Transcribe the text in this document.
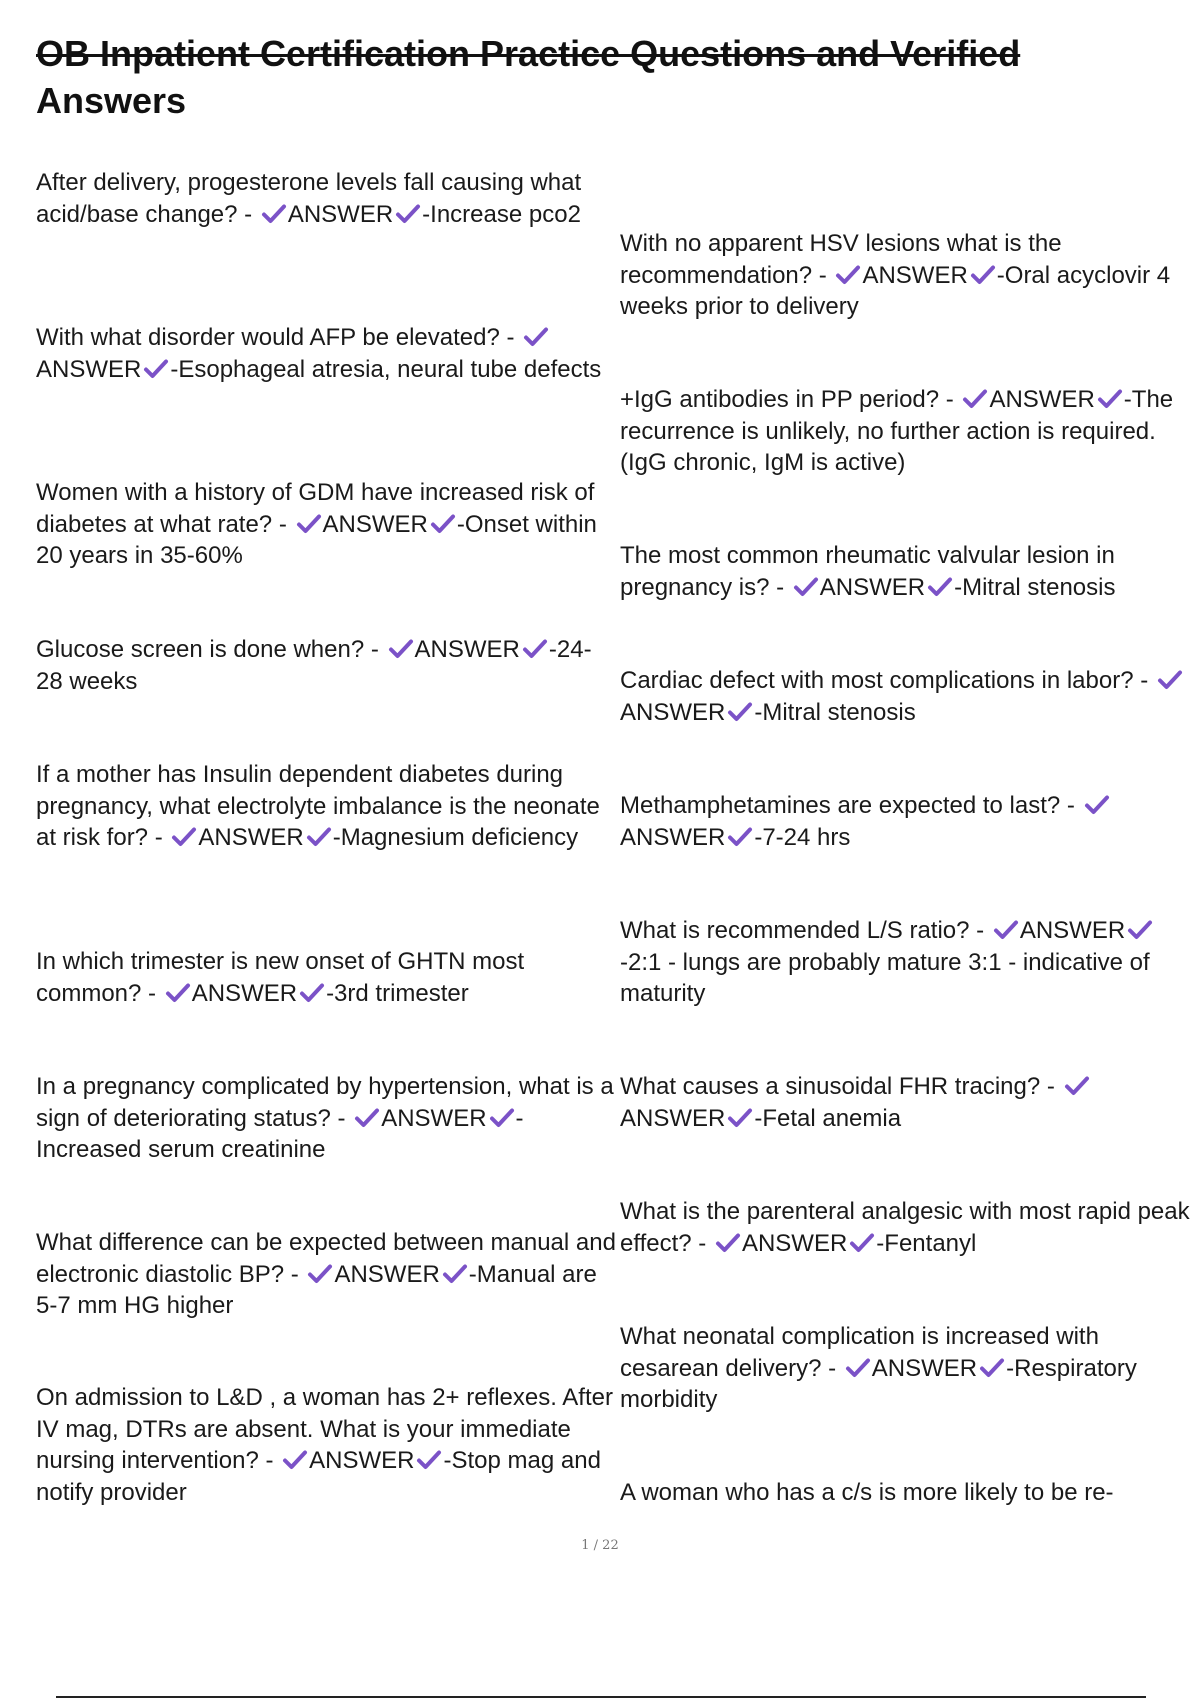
OB Inpatient Certification Practice Questions and Verified
Answers

After delivery, progesterone levels fall causing what acid/base change? - ANSWER -Increase pco2

With what disorder would AFP be elevated? -
ANSWER -Esophageal atresia, neural tube defects

Women with a history of GDM have increased risk of diabetes at what rate? - ANSWER -Onset within 20 years in 35-60%

Glucose screen is done when? - ANSWER -24-28 weeks

If a mother has Insulin dependent diabetes during pregnancy, what electrolyte imbalance is the neonate at risk for? - ANSWER -Magnesium deficiency

In which trimester is new onset of GHTN most common? - ANSWER -3rd trimester

In a pregnancy complicated by hypertension, what is a sign of deteriorating status? - ANSWER -Increased serum creatinine

What difference can be expected between manual and electronic diastolic BP? - ANSWER -Manual are 5-7 mm HG higher

On admission to L&D , a woman has 2+ reflexes. After IV mag, DTRs are absent. What is your immediate nursing intervention? - ANSWER -Stop mag and notify provider

With no apparent HSV lesions what is the recommendation? - ANSWER -Oral acyclovir 4 weeks prior to delivery

+IgG antibodies in PP period? - ANSWER -The recurrence is unlikely, no further action is required. (IgG chronic, IgM is active)

The most common rheumatic valvular lesion in pregnancy is? - ANSWER -Mitral stenosis

Cardiac defect with most complications in labor? -
ANSWER -Mitral stenosis

Methamphetamines are expected to last? -
ANSWER -7-24 hrs

What is recommended L/S ratio? - ANSWER
-2:1 - lungs are probably mature 3:1 - indicative of maturity

What causes a sinusoidal FHR tracing? -
ANSWER -Fetal anemia

What is the parenteral analgesic with most rapid peak effect? - ANSWER -Fentanyl

What neonatal complication is increased with cesarean delivery? - ANSWER -Respiratory morbidity

A woman who has a c/s is more likely to be re-

1 / 22
